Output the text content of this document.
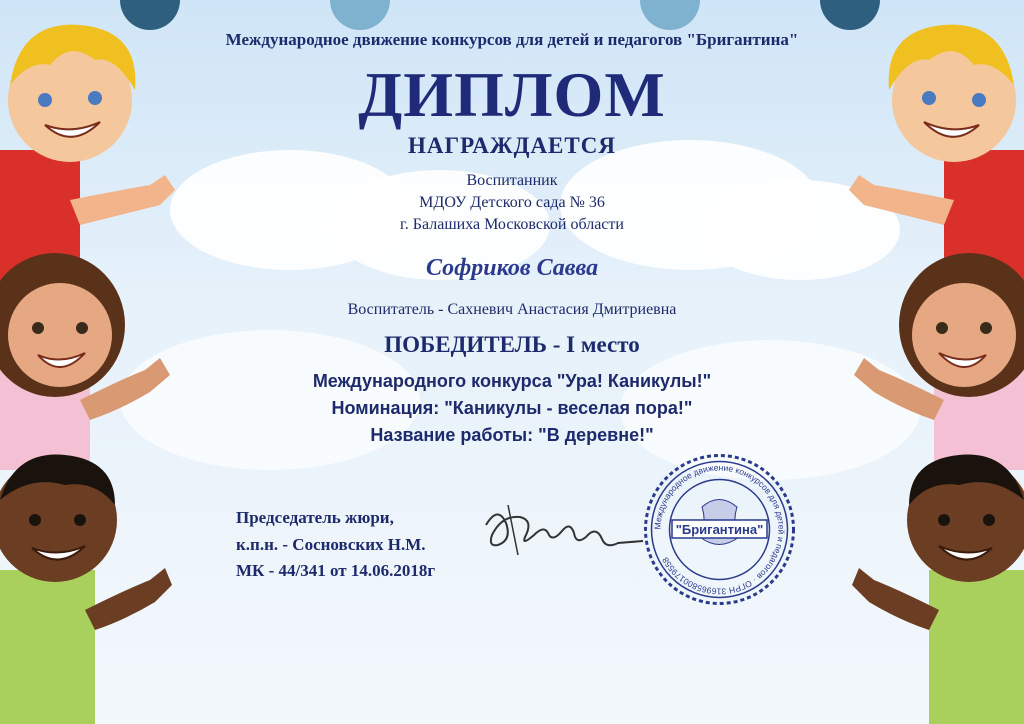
Международное движение конкурсов для детей и педагогов "Бригантина"
ДИПЛОМ
НАГРАЖДАЕТСЯ
Воспитанник
МДОУ Детского сада № 36
г. Балашиха Московской области
Софриков Савва
Воспитатель - Сахневич Анастасия Дмитриевна
ПОБЕДИТЕЛЬ - I место
Международного конкурса "Ура! Каникулы!"
Номинация: "Каникулы - веселая пора!"
Название работы: "В деревне!"
Председатель жюри,
к.п.н. - Сосновских Н.М.
МК - 44/341 от 14.06.2018г
Международное движение конкурсов для детей и педагогов · ОГРН 316965800179558
"Бригантина"
